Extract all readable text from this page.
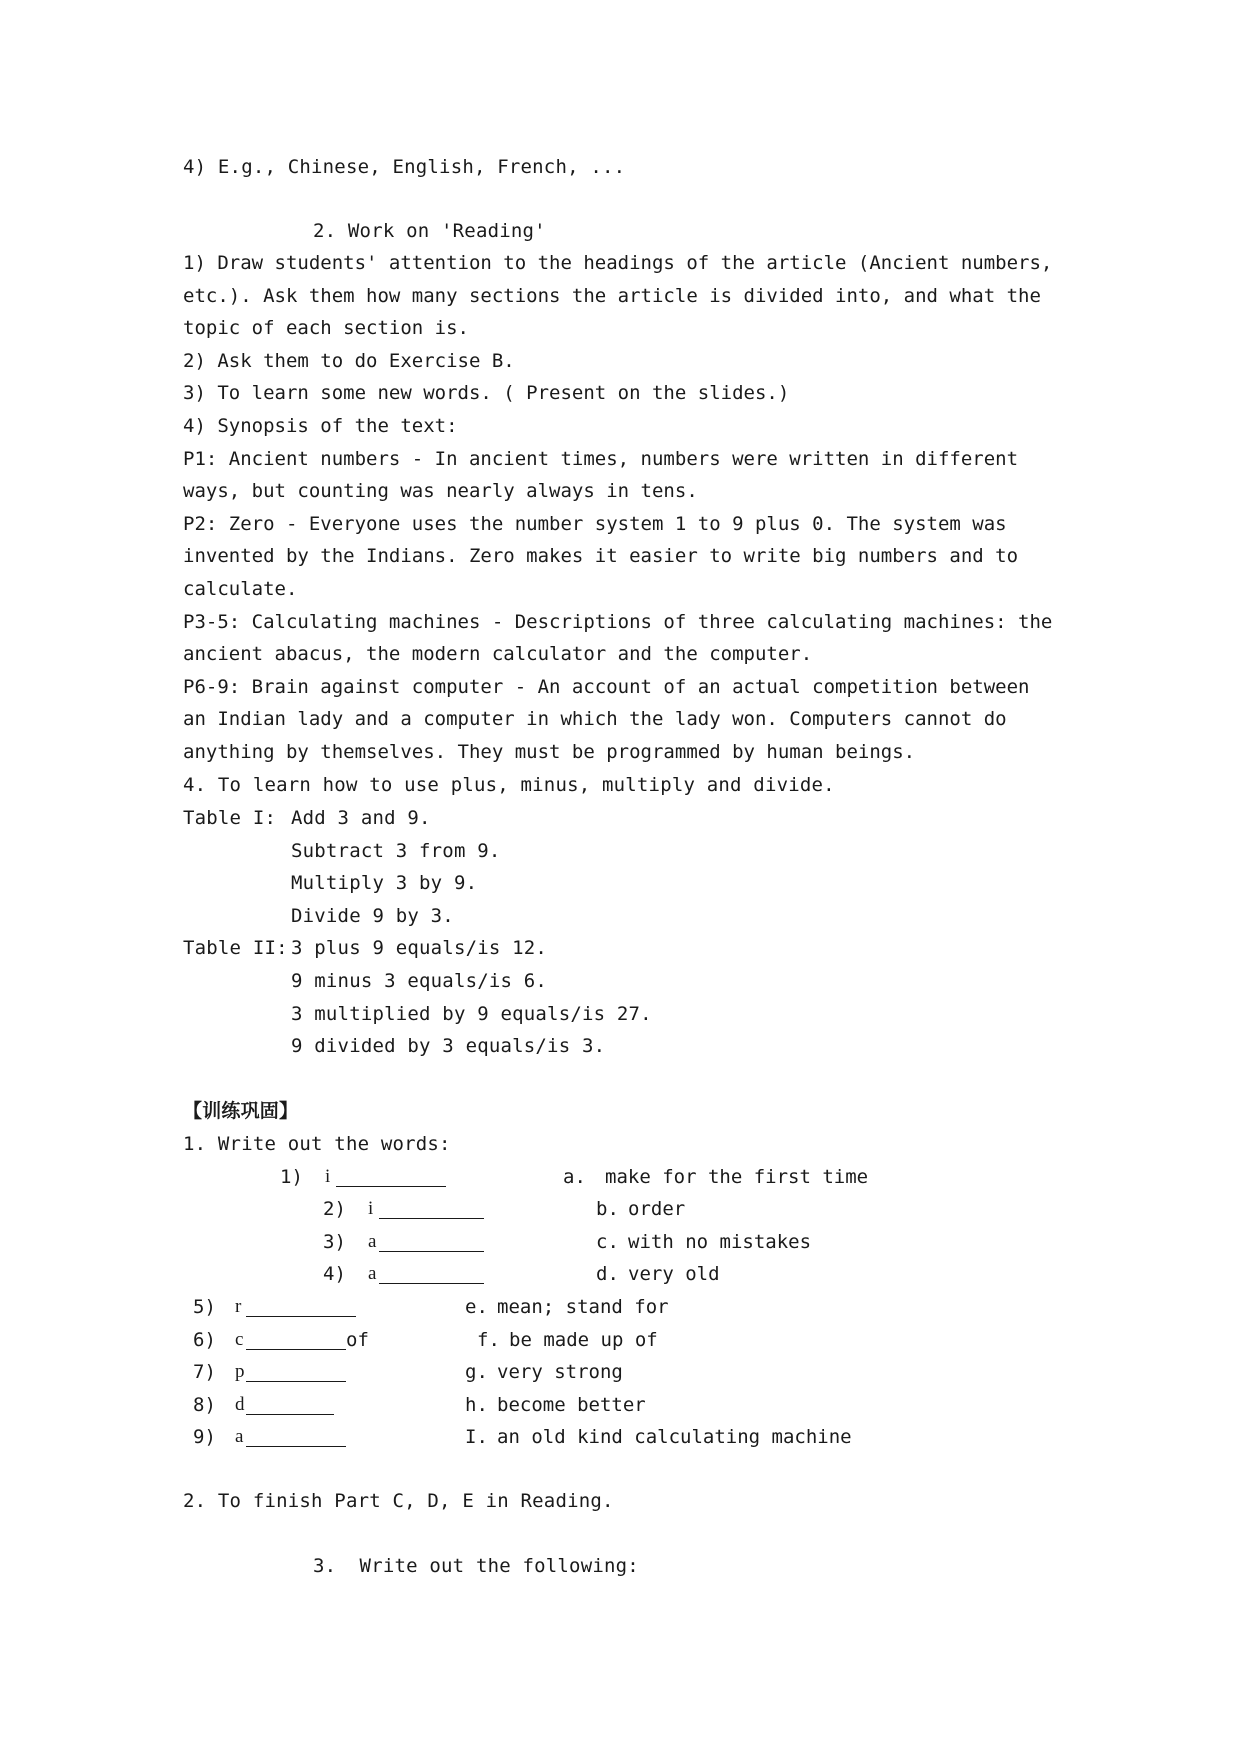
4) E.g., Chinese, English, French, ...
2. Work on 'Reading'

1) Draw students' attention to the headings of the article (Ancient numbers, etc.). Ask them how many sections the article is divided into, and what the topic of each section is.

2) Ask them to do Exercise B.

3) To learn some new words. ( Present on the slides.)

4) Synopsis of the text:

P1: Ancient numbers - In ancient times, numbers were written in different ways, but counting was nearly always in tens.

P2: Zero - Everyone uses the number system 1 to 9 plus 0. The system was invented by the Indians. Zero makes it easier to write big numbers and to calculate.

P3-5: Calculating machines - Descriptions of three calculating machines: the ancient abacus, the modern calculator and the computer.

P6-9: Brain against computer - An account of an actual competition between an Indian lady and a computer in which the lady won. Computers cannot do anything by themselves. They must be programmed by human beings.

4. To learn how to use plus, minus, multiply and divide.
Table I: Add 3 and 9.
Subtract 3 from 9.
Multiply 3 by 9.
Divide 9 by 3.
Table II: 3 plus 9 equals/is 12.
9 minus 3 equals/is 6.
3 multiplied by 9 equals/is 27.
9 divided by 3 equals/is 3.
【训练巩固】
1. Write out the words:
1) i	a. make for the first time
2) i	b. order
3) a	c. with no mistakes
4) a	d. very old
5) r	e. mean; stand for
6) c	of	f. be made up of
7) p	g. very strong
8) d	h. become better
9) a	I. an old kind calculating machine
2. To finish Part C, D, E in Reading.
3.  Write out the following:
